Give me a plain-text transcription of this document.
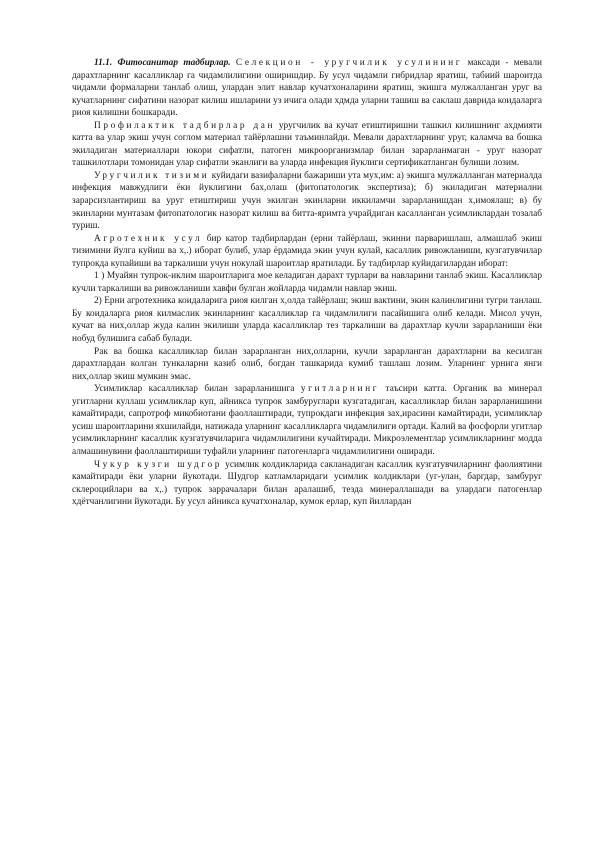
11.1. Фитосанитар тадбирлар. Селекцион - уругчилик усулининг максади - мевали дарахтларнинг касалликлар га чидамлилигини оширишдир. Бу усул чидамли гибридлар яратиш, табиий шароитда чидамли формаларни танлаб олиш, улардан элит навлар кучатхоналарини яратиш, экишга мулжалланган уруг ва кучатларнинг сифатини назорат килиш ишларини уз ичига олади хдмда уларни ташиш ва саклаш даврида коидаларга риоя килишни бошкаради.

Профилактик тадбирлар дан уругчилик ва кучат етиштиришни ташкил килишнинг ахдмияти катта ва улар экиш учун соглом материал тайёрлашни таъминлайди. Мевали дарахтларнинг уруг, каламча ва бошка экиладиган материаллари юкори сифатли, патоген микроорганизмлар билан зарарланмаган - уруг назорат ташкилотлари томонидан улар сифатли эканлиги ва уларда инфекция йуклиги сертификатланган булиши лозим.

Уругчилик тизими куйидаги вазифаларни бажариши ута мух,им: а) экишга мулжалланган материалда инфекция мавжудлиги ёки йуклигини бах,олаш (фитопатологик экспертиза); б) экиладиган материални зарарсизлантириш ва уруг етиштириш учун экилган экинларни иккиламчи зарарланишдан х,имоялаш; в) бу экинларни мунтазам фитопатологик назорат килиш ва битта-яримта учрайдиган касалланган усимликлардан тозалаб туриш.

Агротехник усул бир катор тадбирлардан (ерни тайёрлаш, экинни парваришлаш, алмашлаб экиш тизимини йулга куйиш ва х,.) иборат булиб, улар ёрдамида экин учун кулай, касаллик ривожланиши, кузгатувчилар тупрокда купайиши ва таркалиши учун нокулай шароитлар яратилади. Бу тадбирлар куйидагилардан иборат:

1 ) Муайян тупрок-иклим шароитларига мое келадиган дарахт турлари ва навларини танлаб экиш. Касалликлар кучли таркалиши ва ривожланиши хавфи булган жойларда чидамли навлар экиш.

2) Ерни агротехника коидаларига риоя килган х,олда тайёрлаш; экиш вактини, экин калинлигини тугри танлаш. Бу коидаларга риоя килмаслик экинларнинг касалликлар га чидамлилиги пасайишига олиб келади. Мисол учун, кучат ва них,оллар жуда калин экилиши уларда касалликлар тез таркалиши ва дарахтлар кучли зарарланиши ёки нобуд булишига сабаб булади.

Рак ва бошка касалликлар билан зарарланган них,олларни, кучли зарарланган дарахтларни ва кесилган дарахтлардан колган тункаларни казиб олиб, богдан ташкарида кумиб ташлаш лозим. Уларнинг урнига янги них,оллар экиш мумкин эмас.

Усимликлар касалликлар билан зарарланишига угитларнинг таъсири катта. Органик ва минерал угитларни куллаш усимликлар куп, айникса тупрок замбуруглари кузгатадиган, касалликлар билан зарарланишини камайтиради, сапротроф микобиотани фаоллаштиради, тупрокдаги инфекция зах,ирасини камайтиради, усимликлар усиш шароитларини яхшилайди, натижада уларнинг касалликларга чидамлилиги ортади. Калий ва фосфорли угитлар усимликларнинг касаллик кузгатувчиларига чидамлилигини кучайтиради. Микроэлементлар усимликларнинг модда алмашинувини фаоллаштириши туфайли уларнинг патогенларга чидамлилигини оширади.

Чукур кузги шудгор усимлик колдикларида сакланадиган касаллик кузгатувчиларнинг фаолиятини камайтиради ёки уларни йукотади. Шудгор катламларидаги усимлик колдиклари (уг-улан, баргдар, замбуруг склероцийлари ва х,.) тупрок заррачалари билан аралашиб, тезда минераллашади ва улардаги патогенлар хдётчанлигини йукотади. Бу усул айникса кучатхоналар, кумок ерлар, куп йиллардан
